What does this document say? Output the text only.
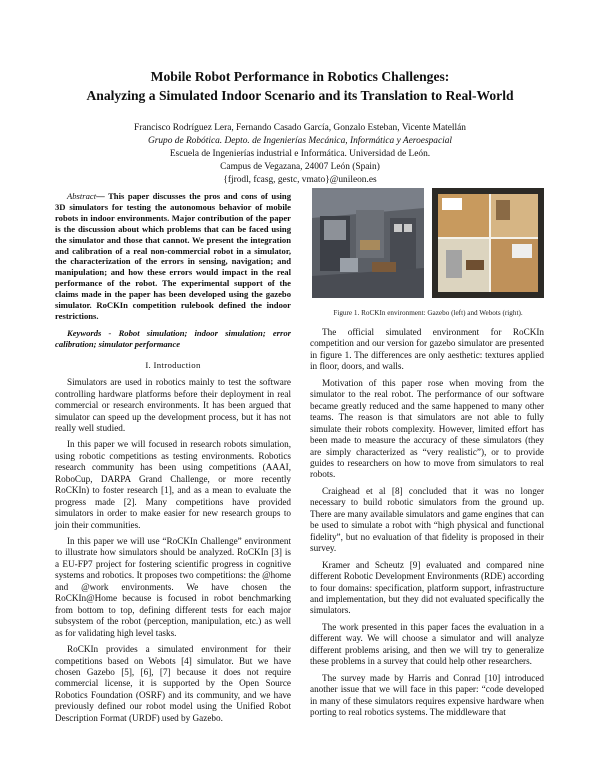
Mobile Robot Performance in Robotics Challenges:
Analyzing a Simulated Indoor Scenario and its Translation to Real-World
Francisco Rodríguez Lera, Fernando Casado García, Gonzalo Esteban, Vicente Matellán
Grupo de Robótica. Depto. de Ingenierías Mecánica, Informática y Aeroespacial
Escuela de Ingenierías industrial e Informática. Universidad de León.
Campus de Vegazana, 24007 León (Spain)
{fjrodl, fcasg, gestc, vmato}@unileon.es

Abstract— This paper discusses the pros and cons of using 3D simulators for testing the autonomous behavior of mobile robots in indoor environments. Major contribution of the paper is the discussion about which problems that can be faced using the simulator and those that cannot. We present the integration and calibration of a real non-commercial robot in a simulator, the characterization of the errors in sensing, navigation; and manipulation; and how these errors would impact in the real performance of the robot. The experimental support of the claims made in the paper has been developed using the gazebo simulator. RoCKIn competition rulebook defined the indoor restrictions.

Keywords - Robot simulation; indoor simulation; error calibration; simulator performance

I. Introduction

Simulators are used in robotics mainly to test the software controlling hardware platforms before their deployment in real commercial or research environments. It has been argued that simulator can speed up the development process, but it has not really well studied.

In this paper we will focused in research robots simulation, using robotic competitions as testing environments. Robotics research community has been using competitions (AAAI, RoboCup, DARPA Grand Challenge, or more recently RoCKIn) to foster research [1], and as a mean to evaluate the progress made [2]. Many competitions have provided simulators in order to make easier for new research groups to join their communities.

In this paper we will use “RoCKIn Challenge” environment to illustrate how simulators should be analyzed. RoCKIn [3] is a EU-FP7 project for fostering scientific progress in cognitive systems and robotics. It proposes two competitions: the @home and @work environments. We have chosen the RoCKIn@Home because is focused in robot benchmarking from bottom to top, defining different tests for each major subsystem of the robot (perception, manipulation, etc.) as well as for validating high level tasks.

RoCKIn provides a simulated environment for their competitions based on Webots [4] simulator. But we have chosen Gazebo [5], [6], [7] because it does not require commercial license, it is supported by the Open Source Robotics Foundation (OSRF) and its community, and we have previously defined our robot model using the Unified Robot Description Format (URDF) used by Gazebo.

Figure 1. RoCKIn environment: Gazebo (left) and Webots (right).

The official simulated environment for RoCKIn competition and our version for gazebo simulator are presented in figure 1. The differences are only aesthetic: textures applied in floor, doors, and walls.

Motivation of this paper rose when moving from the simulator to the real robot. The performance of our software became greatly reduced and the same happened to many other teams. The reason is that simulators are not able to fully simulate their robots complexity. However, limited effort has been made to measure the accuracy of these simulators (they are simply characterized as “very realistic”), or to provide guides to researchers on how to move from simulators to real robots.

Craighead et al [8] concluded that it was no longer necessary to build robotic simulators from the ground up. There are many available simulators and game engines that can be used to simulate a robot with “high physical and functional fidelity”, but no evaluation of that fidelity is proposed in their survey.

Kramer and Scheutz [9] evaluated and compared nine different Robotic Development Environments (RDE) according to four domains: specification, platform support, infrastructure and implementation, but they did not evaluated specifically the simulators.

The work presented in this paper faces the evaluation in a different way. We will choose a simulator and will analyze different problems arising, and then we will try to generalize these problems in a survey that could help other researchers.

The survey made by Harris and Conrad [10] introduced another issue that we will face in this paper: “code developed in many of these simulators requires expensive hardware when porting to real robotics systems. The middleware that
